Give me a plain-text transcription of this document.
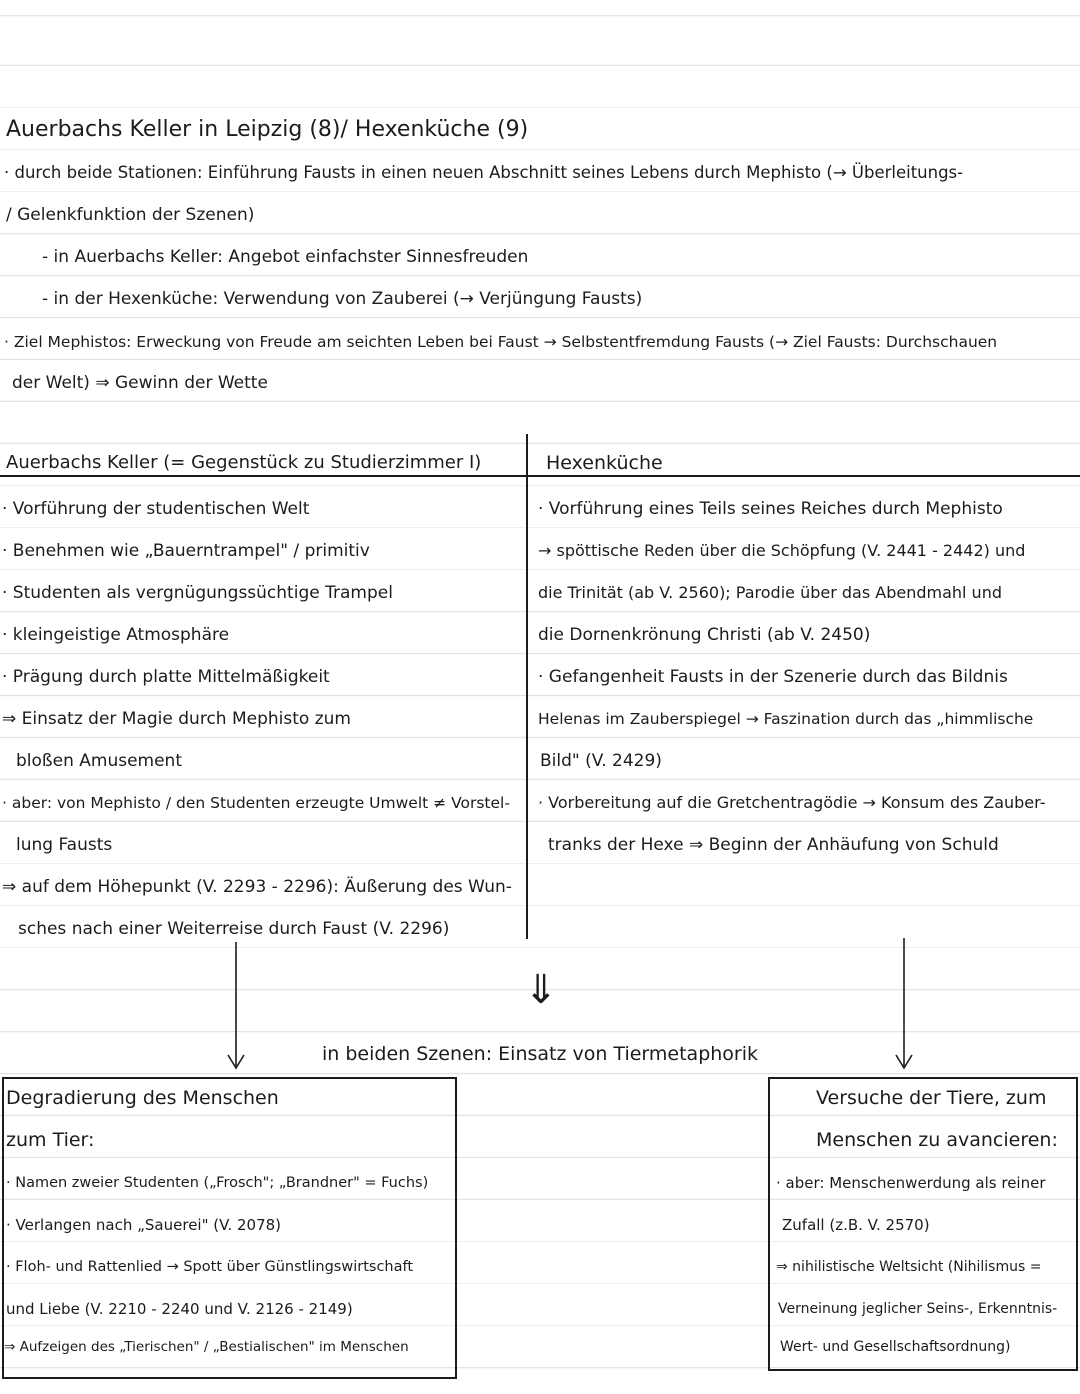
Auerbachs Keller in Leipzig (8)/ Hexenküche (9)
· durch beide Stationen: Einführung Fausts in einen neuen Abschnitt seines Lebens durch Mephisto (→ Überleitungs-
/ Gelenkfunktion der Szenen)
- in Auerbachs Keller: Angebot einfachster Sinnesfreuden
- in der Hexenküche: Verwendung von Zauberei (→ Verjüngung Fausts)
· Ziel Mephistos: Erweckung von Freude am seichten Leben bei Faust → Selbstentfremdung Fausts (→ Ziel Fausts: Durchschauen
der Welt) ⇒ Gewinn der Wette
Auerbachs Keller (= Gegenstück zu Studierzimmer I)	Hexenküche
· Vorführung der studentischen Welt
· Benehmen wie „Bauerntrampel" / primitiv
· Studenten als vergnügungssüchtige Trampel
· kleingeistige Atmosphäre
· Prägung durch platte Mittelmäßigkeit
⇒ Einsatz der Magie durch Mephisto zum
bloßen Amusement
· aber: von Mephisto / den Studenten erzeugte Umwelt ≠ Vorstel-
lung Fausts
⇒ auf dem Höhepunkt (V. 2293 - 2296): Äußerung des Wun-
sches nach einer Weiterreise durch Faust (V. 2296)
· Vorführung eines Teils seines Reiches durch Mephisto
→ spöttische Reden über die Schöpfung (V. 2441 - 2442) und
die Trinität (ab V. 2560); Parodie über das Abendmahl und
die Dornenkrönung Christi (ab V. 2450)
· Gefangenheit Fausts in der Szenerie durch das Bildnis
Helenas im Zauberspiegel → Faszination durch das „himmlische
Bild" (V. 2429)
· Vorbereitung auf die Gretchentragödie → Konsum des Zauber-
tranks der Hexe ⇒ Beginn der Anhäufung von Schuld
⇓
in beiden Szenen: Einsatz von Tiermetaphorik
Degradierung des Menschen
zum Tier:
· Namen zweier Studenten („Frosch"; „Brandner" = Fuchs)
· Verlangen nach „Sauerei" (V. 2078)
· Floh- und Rattenlied → Spott über Günstlingswirtschaft
und Liebe (V. 2210 - 2240 und V. 2126 - 2149)
⇒ Aufzeigen des „Tierischen" / „Bestialischen" im Menschen
Versuche der Tiere, zum
Menschen zu avancieren:
· aber: Menschenwerdung als reiner
Zufall (z.B. V. 2570)
⇒ nihilistische Weltsicht (Nihilismus =
Verneinung jeglicher Seins-, Erkenntnis-
Wert- und Gesellschaftsordnung)
